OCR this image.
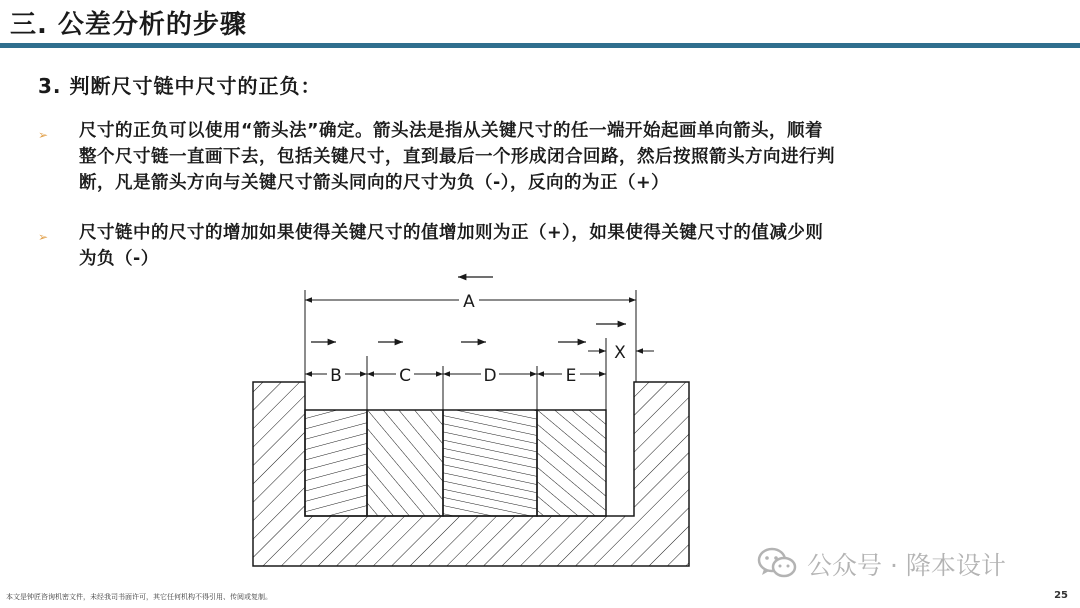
三. 公差分析的步骤
3. 判断尺寸链中尺寸的正负：
➢ 尺寸的正负可以使用“箭头法”确定。箭头法是指从关键尺寸的任一端开始起画单向箭头，顺着
整个尺寸链一直画下去，包括关键尺寸，直到最后一个形成闭合回路，然后按照箭头方向进行判
断，凡是箭头方向与关键尺寸箭头同向的尺寸为负（-），反向的为正（+）
➢ 尺寸链中的尺寸的增加如果使得关键尺寸的值增加则为正（+），如果使得关键尺寸的值减少则
为负（-）
A
B	C	D	E
X
公众号 · 降本设计
本文是钟匠咨询机密文件，未经我司书面许可，其它任何机构不得引用、传阅或复制。	25
